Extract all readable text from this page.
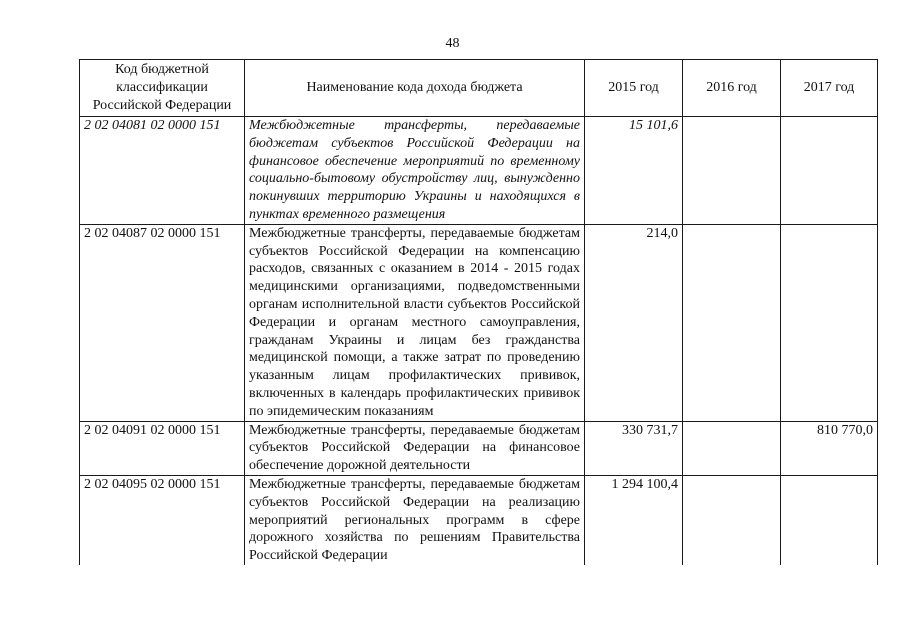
48
Код бюджетной классификации Российской Федерации	Наименование кода дохода бюджета	2015 год	2016 год	2017 год
2 02 04081 02 0000 151	Межбюджетные трансферты, передаваемые бюджетам субъектов Российской Федерации на финансовое обеспечение мероприятий по временному социально-бытовому обустройству лиц, вынужденно покинувших территорию Украины и находящихся в пунктах временного размещения	15 101,6		
2 02 04087 02 0000 151	Межбюджетные трансферты, передаваемые бюджетам субъектов Российской Федерации на компенсацию расходов, связанных с оказанием в 2014 - 2015 годах медицинскими организациями, подведомственными органам исполнительной власти субъектов Российской Федерации и органам местного самоуправления, гражданам Украины и лицам без гражданства медицинской помощи, а также затрат по проведению указанным лицам профилактических прививок, включенных в календарь профилактических прививок по эпидемическим показаниям	214,0		
2 02 04091 02 0000 151	Межбюджетные трансферты, передаваемые бюджетам субъектов Российской Федерации на финансовое обеспечение дорожной деятельности	330 731,7		810 770,0
2 02 04095 02 0000 151	Межбюджетные трансферты, передаваемые бюджетам субъектов Российской Федерации на реализацию мероприятий региональных программ в сфере дорожного хозяйства по решениям Правительства Российской Федерации	1 294 100,4		
